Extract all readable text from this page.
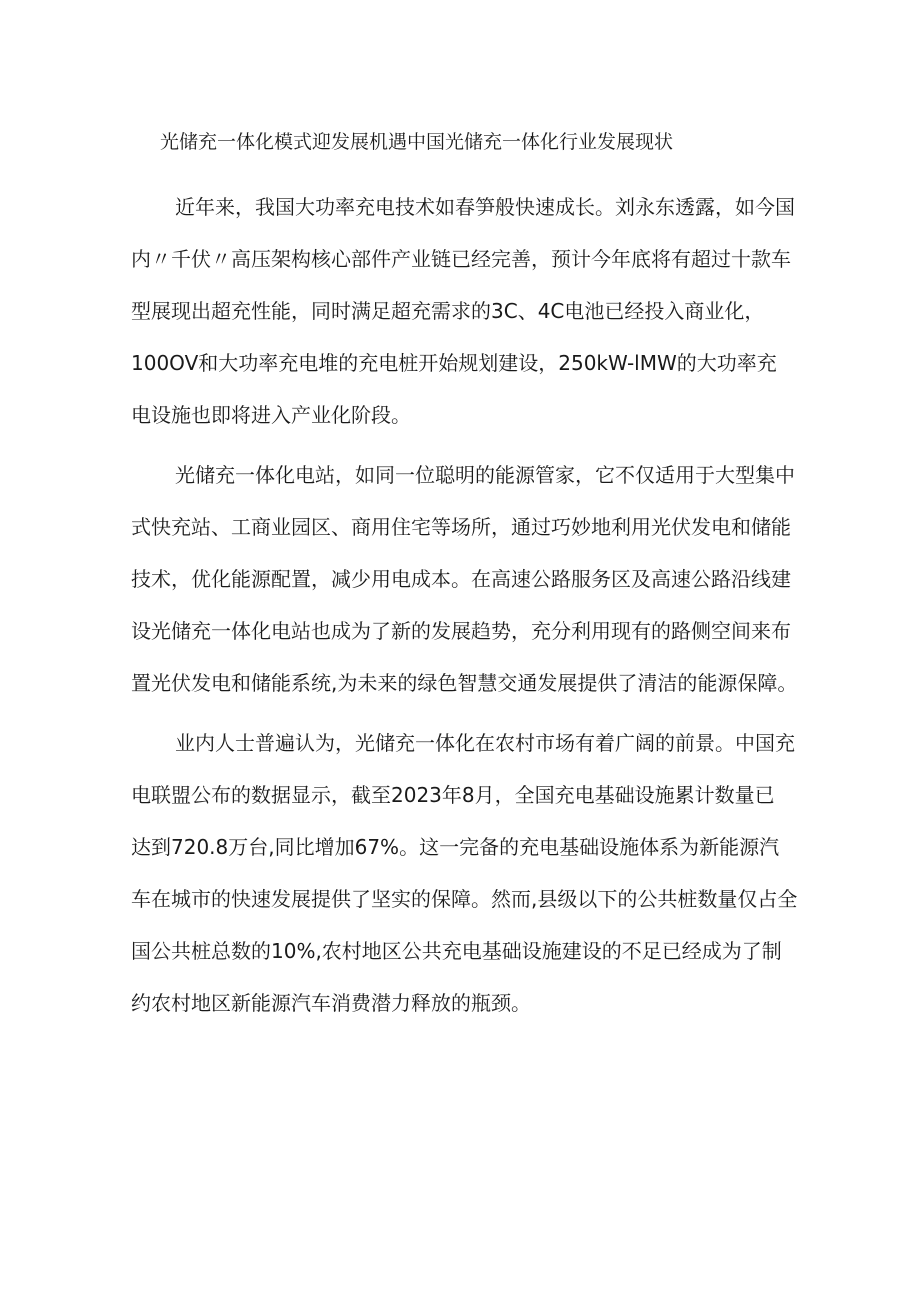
光储充一体化模式迎发展机遇中国光储充一体化行业发展现状
近年来，我国大功率充电技术如春笋般快速成长。刘永东透露，如今国
内〃千伏〃高压架构核心部件产业链已经完善，预计今年底将有超过十款车
型展现出超充性能，同时满足超充需求的3C、4C电池已经投入商业化，
100OV和大功率充电堆的充电桩开始规划建设，250kW-lMW的大功率充
电设施也即将进入产业化阶段。
光储充一体化电站，如同一位聪明的能源管家，它不仅适用于大型集中
式快充站、工商业园区、商用住宅等场所，通过巧妙地利用光伏发电和储能
技术，优化能源配置，减少用电成本。在高速公路服务区及高速公路沿线建
设光储充一体化电站也成为了新的发展趋势，充分利用现有的路侧空间来布
置光伏发电和储能系统,为未来的绿色智慧交通发展提供了清洁的能源保障。
业内人士普遍认为，光储充一体化在农村市场有着广阔的前景。中国充
电联盟公布的数据显示，截至2023年8月，全国充电基础设施累计数量已
达到720.8万台,同比增加67%。这一完备的充电基础设施体系为新能源汽
车在城市的快速发展提供了坚实的保障。然而,县级以下的公共桩数量仅占全
国公共桩总数的10%,农村地区公共充电基础设施建设的不足已经成为了制
约农村地区新能源汽车消费潜力释放的瓶颈。
